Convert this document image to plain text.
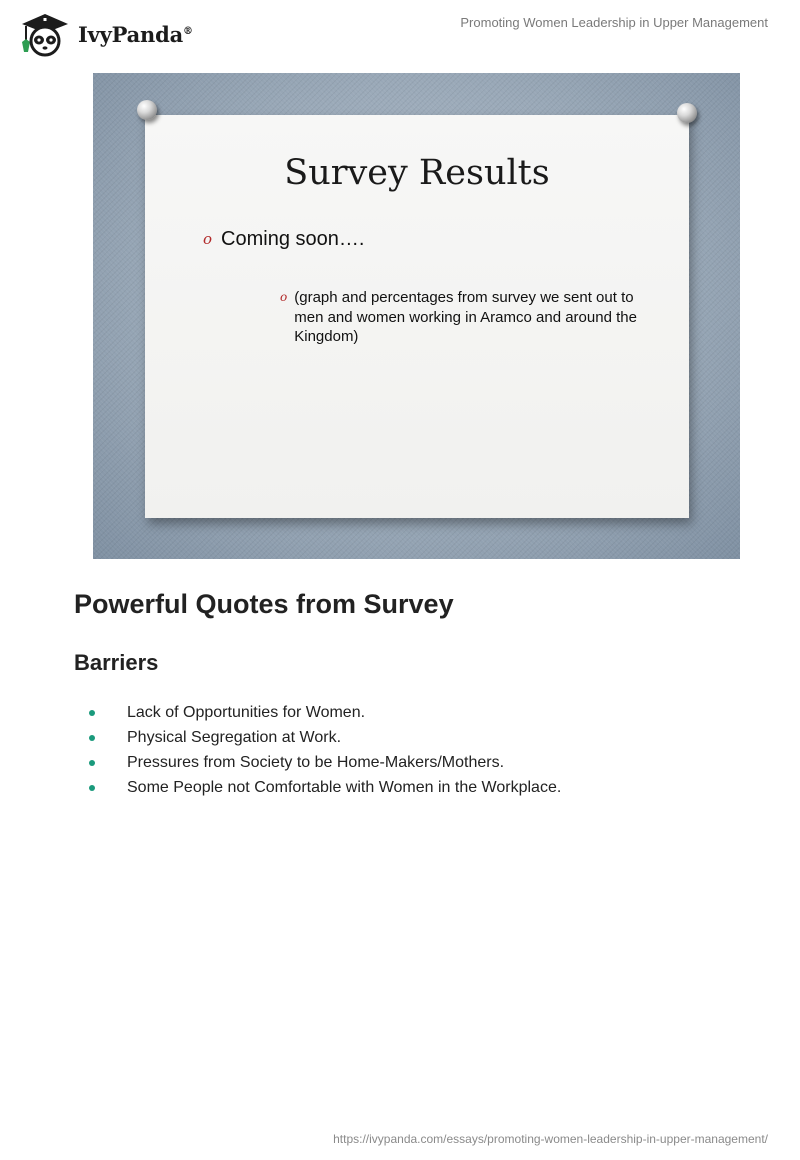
IvyPanda®
Promoting Women Leadership in Upper Management
Survey Results
o Coming soon….
o (graph and percentages from survey we sent out to men and women working in Aramco and around the Kingdom)
Powerful Quotes from Survey
Barriers
Lack of Opportunities for Women.
Physical Segregation at Work.
Pressures from Society to be Home-Makers/Mothers.
Some People not Comfortable with Women in the Workplace.
https://ivypanda.com/essays/promoting-women-leadership-in-upper-management/
